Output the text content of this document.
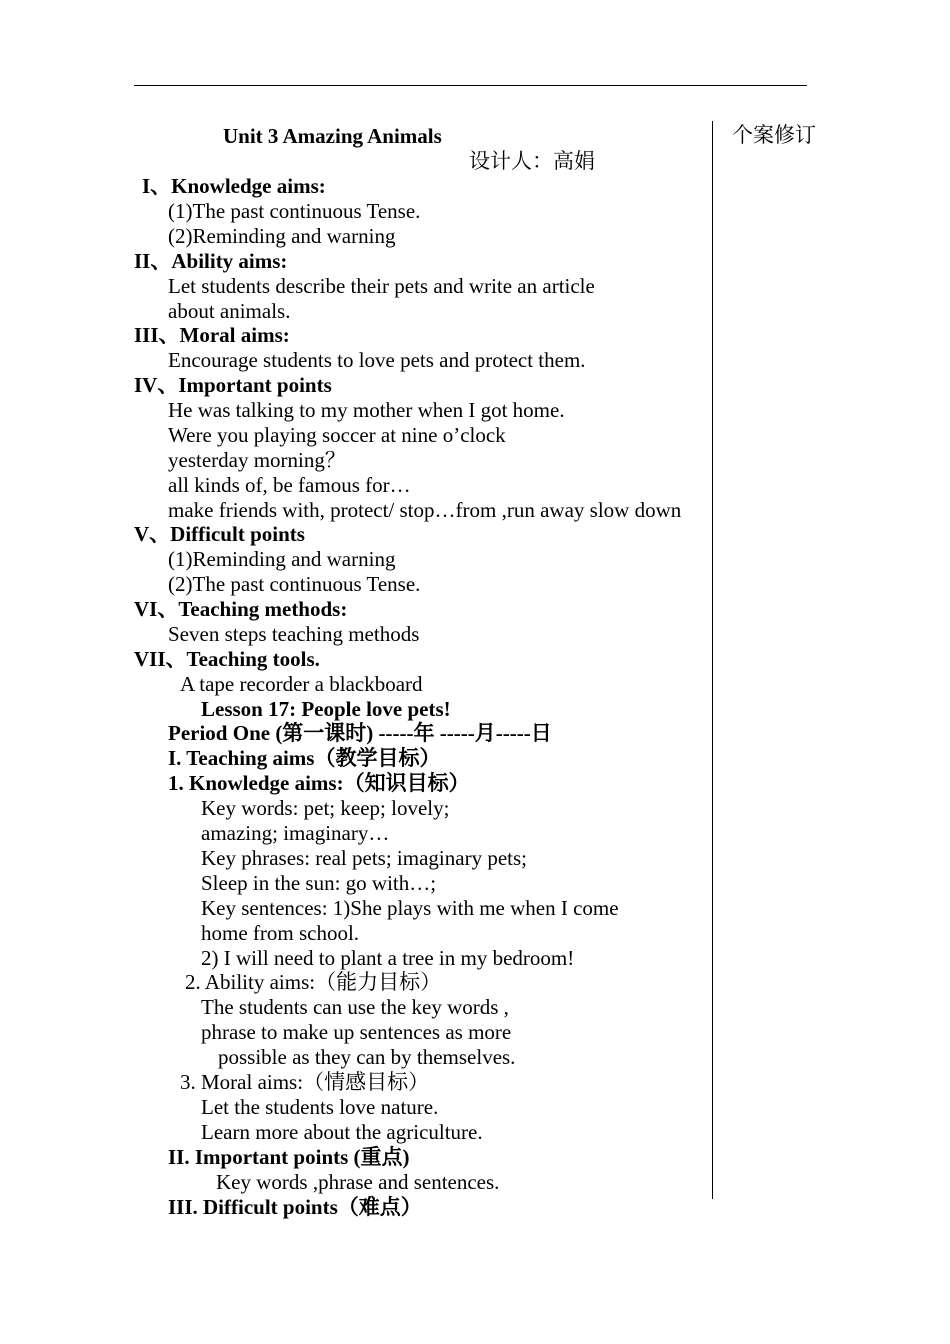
个案修订
Unit 3 Amazing Animals
设计人：高娟
I、Knowledge aims:
(1)The past continuous Tense.
(2)Reminding and warning
II、Ability aims:
Let students describe their pets and write an article
about animals.
III、Moral aims:
Encourage students to love pets and protect them.
IV、Important points
He was talking to my mother when I got home.
Were you playing soccer at nine o’clock
yesterday morning？
all kinds of, be famous for…
make friends with, protect/ stop…from ,run away slow down
V、Difficult points
(1)Reminding and warning
(2)The past continuous Tense.
VI、Teaching methods:
Seven steps teaching methods
VII、Teaching tools.
A tape recorder a blackboard
Lesson 17: People love pets!
Period One (第一课时) -----年 -----月-----日
I. Teaching aims（教学目标）
1. Knowledge aims:（知识目标）
Key words: pet; keep; lovely;
amazing; imaginary…
Key phrases: real pets; imaginary pets;
Sleep in the sun: go with…;
Key sentences: 1)She plays with me when I come
home from school.
2) I will need to plant a tree in my bedroom!
2. Ability aims:（能力目标）
The students can use the key words ,
phrase to make up sentences as more
possible as they can by themselves.
3. Moral aims:（情感目标）
Let the students love nature.
Learn more about the agriculture.
II. Important points (重点)
Key words ,phrase and sentences.
III. Difficult points（难点）
